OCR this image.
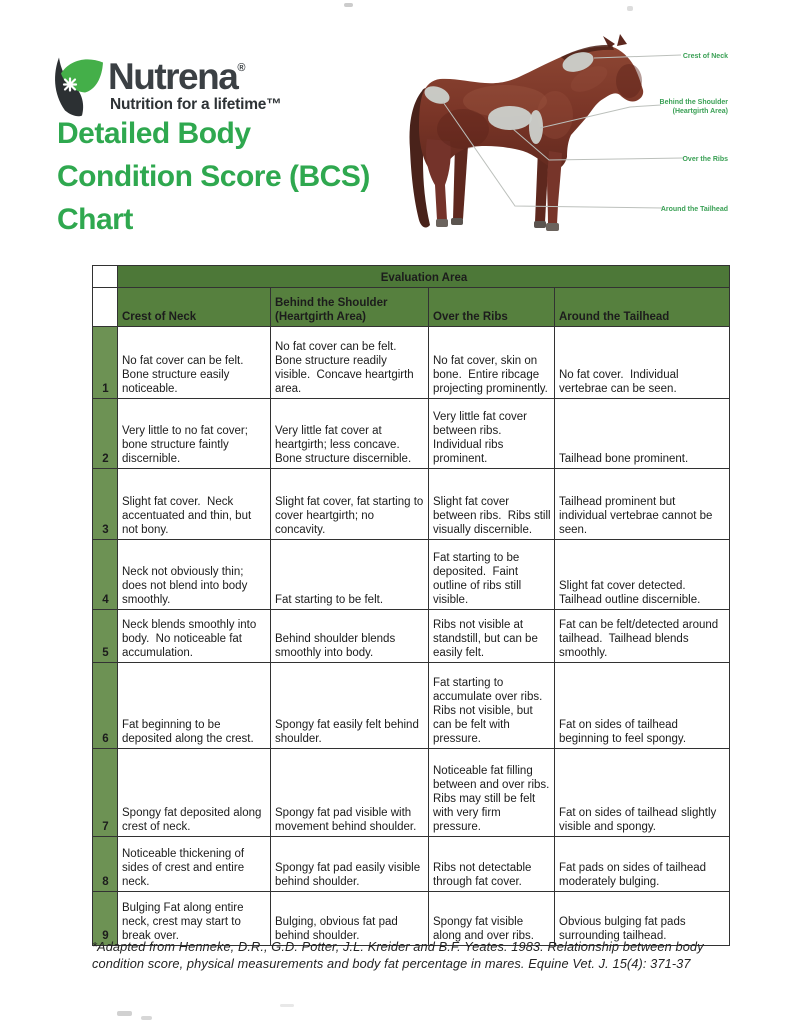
Nutrena®
Nutrition for a lifetime™
Detailed Body
Condition Score (BCS)
Chart
Crest of Neck
Behind the Shoulder
(Heartgirth Area)
Over the Ribs
Around the Tailhead
	Evaluation Area			
	Crest of Neck	Behind the Shoulder (Heartgirth Area)	Over the Ribs	Around the Tailhead
1	No fat cover can be felt. Bone structure easily noticeable.	No fat cover can be felt. Bone structure readily visible.  Concave heartgirth area.	No fat cover, skin on bone.  Entire ribcage projecting prominently.	No fat cover.  Individual vertebrae can be seen.
2	Very little to no fat cover; bone structure faintly discernible.	Very little fat cover at heartgirth; less concave. Bone structure discernible.	Very little fat cover between ribs. Individual ribs prominent.	Tailhead bone prominent.
3	Slight fat cover.  Neck accentuated and thin, but not bony.	Slight fat cover, fat starting to cover heartgirth; no concavity.	Slight fat cover between ribs.  Ribs still visually discernible.	Tailhead prominent but individual vertebrae cannot be seen.
4	Neck not obviously thin; does not blend into body smoothly.	Fat starting to be felt.	Fat starting to be deposited.  Faint outline of ribs still visible.	Slight fat cover detected. Tailhead outline discernible.
5	Neck blends smoothly into body.  No noticeable fat accumulation.	Behind shoulder blends smoothly into body.	Ribs not visible at standstill, but can be easily felt.	Fat can be felt/detected around tailhead.  Tailhead blends smoothly.
6	Fat beginning to be deposited along the crest.	Spongy fat easily felt behind shoulder.	Fat starting to accumulate over ribs. Ribs not visible, but can be felt with pressure.	Fat on sides of tailhead beginning to feel spongy.
7	Spongy fat deposited along crest of neck.	Spongy fat pad visible with movement behind shoulder.	Noticeable fat filling between and over ribs.  Ribs may still be felt with very firm pressure.	Fat on sides of tailhead slightly visible and spongy.
8	Noticeable thickening of sides of crest and entire neck.	Spongy fat pad easily visible behind shoulder.	Ribs not detectable through fat cover.	Fat pads on sides of tailhead moderately bulging.
9	Bulging Fat along entire neck, crest may start to break over.	Bulging, obvious fat pad behind shoulder.	Spongy fat visible along and over ribs.	Obvious bulging fat pads surrounding tailhead.
*Adapted from Henneke, D.R., G.D. Potter, J.L. Kreider and B.F. Yeates. 1983. Relationship between body condition score, physical measurements and body fat percentage in mares. Equine Vet. J. 15(4): 371-37
